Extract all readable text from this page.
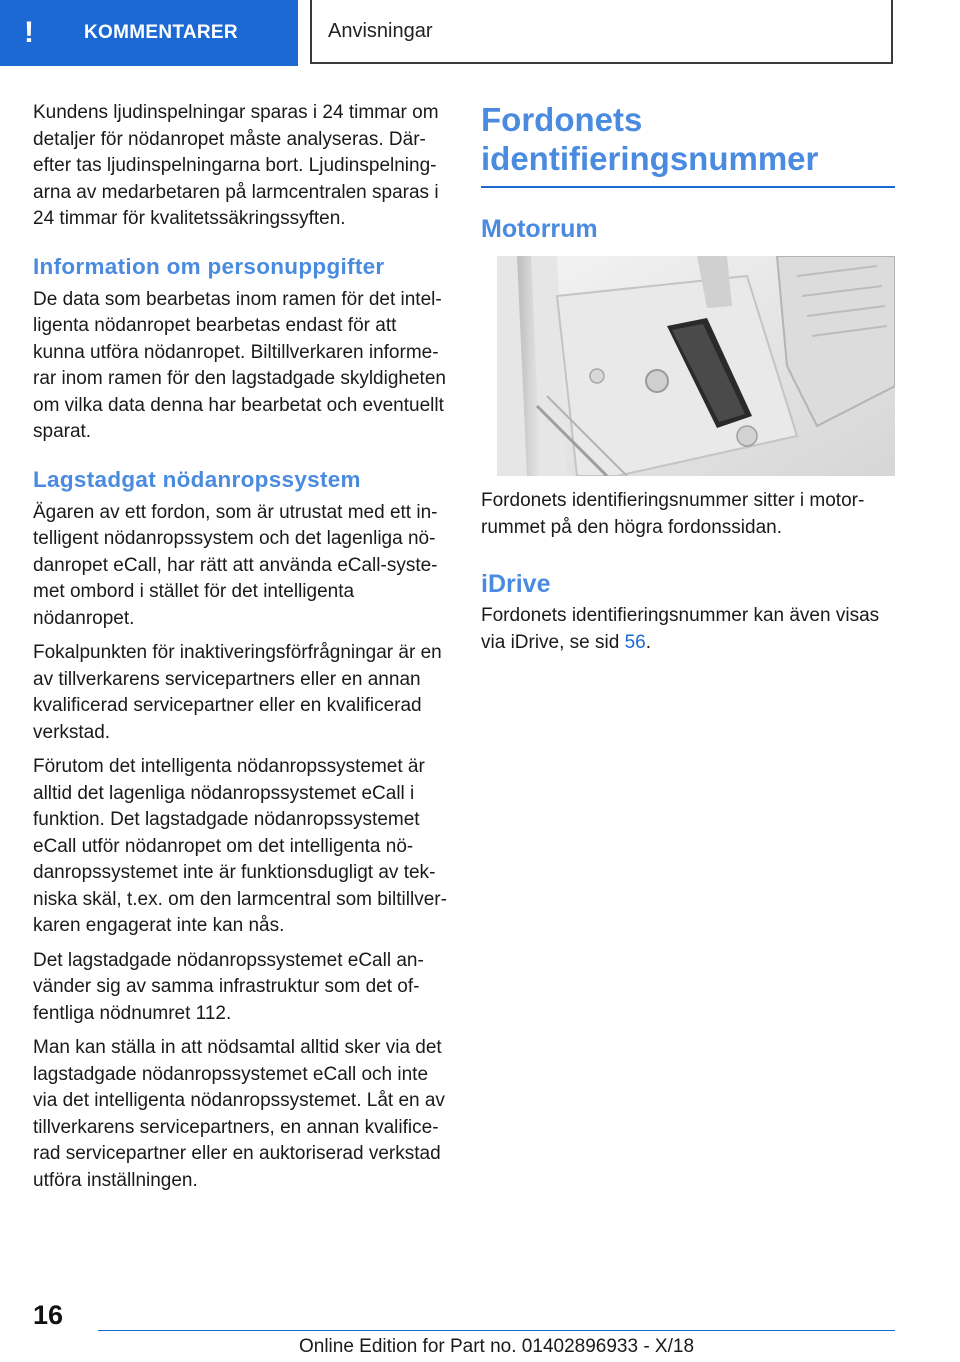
!	KOMMENTARER	Anvisningar

Kundens ljudinspelningar sparas i 24 timmar om detaljer för nödanropet måste analyseras. Därefter tas ljudinspelningarna bort. Ljudinspelningarna av medarbetaren på larmcentralen sparas i 24 timmar för kvalitetssäkringssyften.

Information om personuppgifter

De data som bearbetas inom ramen för det intelligenta nödanropet bearbetas endast för att kunna utföra nödanropet. Biltillverkaren informerar inom ramen för den lagstadgade skyldigheten om vilka data denna har bearbetat och eventuellt sparat.

Lagstadgat nödanropssystem

Ägaren av ett fordon, som är utrustat med ett intelligent nödanropssystem och det lagenliga nödanropet eCall, har rätt att använda eCall-systemet ombord i stället för det intelligenta nödanropet.

Fokalpunkten för inaktiveringsförfrågningar är en av tillverkarens servicepartners eller en annan kvalificerad servicepartner eller en kvalificerad verkstad.

Förutom det intelligenta nödanropssystemet är alltid det lagenliga nödanropssystemet eCall i funktion. Det lagstadgade nödanropssystemet eCall utför nödanropet om det intelligenta nödanropssystemet inte är funktionsdugligt av tekniska skäl, t.ex. om den larmcentral som biltillverkaren engagerat inte kan nås.

Det lagstadgade nödanropssystemet eCall använder sig av samma infrastruktur som det offentliga nödnumret 112.

Man kan ställa in att nödsamtal alltid sker via det lagstadgade nödanropssystemet eCall och inte via det intelligenta nödanropssystemet. Låt en av tillverkarens servicepartners, en annan kvalificerad servicepartner eller en auktoriserad verkstad utföra inställningen.

Fordonets identifieringsnummer
Motorrum

Fordonets identifieringsnummer sitter i motorrummet på den högra fordonssidan.

iDrive

Fordonets identifieringsnummer kan även visas via iDrive, se sid 56.

16
Online Edition for Part no. 01402896933 - X/18
